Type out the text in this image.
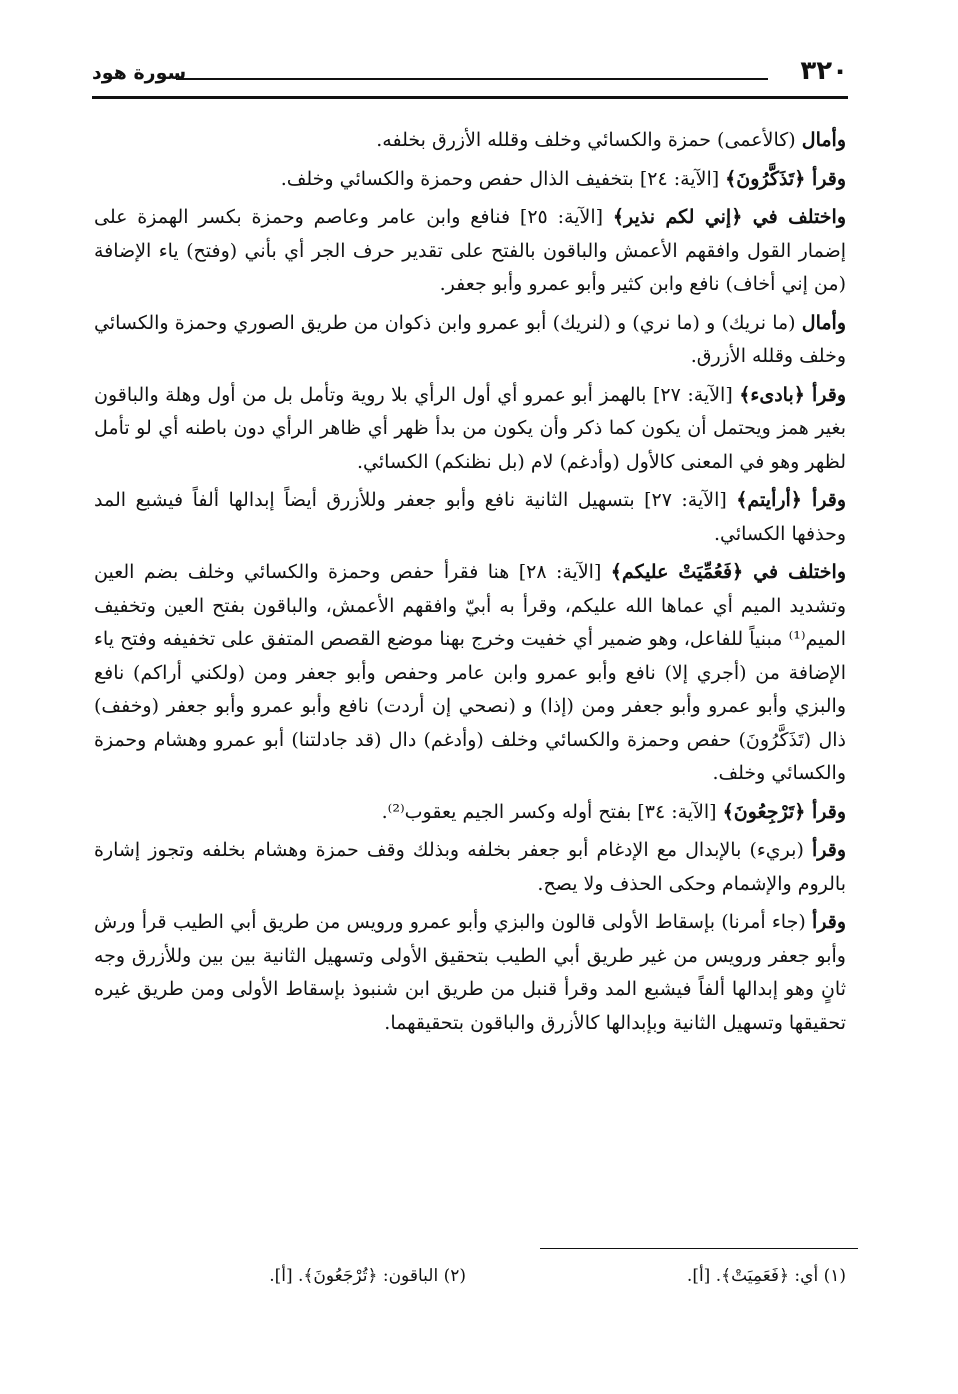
٣٢٠
سورة هود

وأمال (كالأعمى) حمزة والكسائي وخلف وقلله الأزرق بخلفه.

وقرأ ﴿تَذَكَّرُونَ﴾ [الآية: ٢٤] بتخفيف الذال حفص وحمزة والكسائي وخلف.

واختلف في ﴿إني لكم نذير﴾ [الآية: ٢٥] فنافع وابن عامر وعاصم وحمزة بكسر الهمزة على إضمار القول وافقهم الأعمش والباقون بالفتح على تقدير حرف الجر أي بأني (وفتح) ياء الإضافة (من إني أخاف) نافع وابن كثير وأبو عمرو وأبو جعفر.

وأمال (ما نريك) و (ما نري) و (لنريك) أبو عمرو وابن ذكوان من طريق الصوري وحمزة والكسائي وخلف وقلله الأزرق.

وقرأ ﴿بادىء﴾ [الآية: ٢٧] بالهمز أبو عمرو أي أول الرأي بلا روية وتأمل بل من أول وهلة والباقون بغير همز ويحتمل أن يكون كما ذكر وأن يكون من بدأ ظهر أي ظاهر الرأي دون باطنه أي لو تأمل لظهر وهو في المعنى كالأول (وأدغم) لام (بل نظنكم) الكسائي.

وقرأ ﴿أرأيتم﴾ [الآية: ٢٧] بتسهيل الثانية نافع وأبو جعفر وللأزرق أيضاً إبدالها ألفاً فيشبع المد وحذفها الكسائي.

واختلف في ﴿فَعُمِّيَتْ عليكم﴾ [الآية: ٢٨] هنا فقرأ حفص وحمزة والكسائي وخلف بضم العين وتشديد الميم أي عماها الله عليكم، وقرأ به أبيّ وافقهم الأعمش، والباقون بفتح العين وتخفيف الميم⁽¹⁾ مبنياً للفاعل، وهو ضمير أي خفيت وخرج بهنا موضع القصص المتفق على تخفيفه وفتح ياء الإضافة من (أجري إلا) نافع وأبو عمرو وابن عامر وحفص وأبو جعفر ومن (ولكني أراكم) نافع والبزي وأبو عمرو وأبو جعفر ومن (إذا) و (نصحي إن أردت) نافع وأبو عمرو وأبو جعفر (وخفف) ذال (تَذَكَّرُونَ) حفص وحمزة والكسائي وخلف (وأدغم) دال (قد جادلتنا) أبو عمرو وهشام وحمزة والكسائي وخلف.

وقرأ ﴿تَرْجِعُونَ﴾ [الآية: ٣٤] بفتح أوله وكسر الجيم يعقوب⁽²⁾.

وقرأ (بريء) بالإبدال مع الإدغام أبو جعفر بخلفه وبذلك وقف حمزة وهشام بخلفه وتجوز إشارة بالروم والإشمام وحكى الحذف ولا يصح.

وقرأ (جاء أمرنا) بإسقاط الأولى قالون والبزي وأبو عمرو ورويس من طريق أبي الطيب قرأ ورش وأبو جعفر ورويس من غير طريق أبي الطيب بتحقيق الأولى وتسهيل الثانية بين بين وللأزرق وجه ثانٍ وهو إبدالها ألفاً فيشبع المد وقرأ قنبل من طريق ابن شنبوذ بإسقاط الأولى ومن طريق غيره تحقيقها وتسهيل الثانية وبإبدالها كالأزرق والباقون بتحقيقهما.

(١) أي: ﴿فَعَمِيَتْ﴾. [أ].(٢) الباقون: ﴿تُرْجَعُونَ﴾. [أ].
